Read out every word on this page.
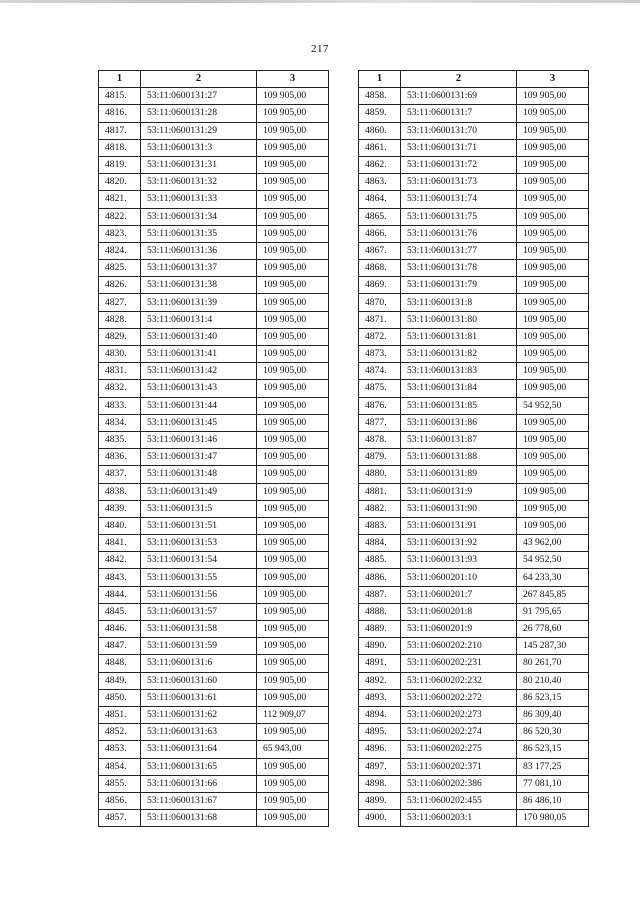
217
1	2	3
4815.	53:11:0600131:27	109 905,00
4816.	53:11:0600131:28	109 905,00
4817.	53:11:0600131:29	109 905,00
4818.	53:11:0600131:3	109 905,00
4819.	53:11:0600131:31	109 905,00
4820.	53:11:0600131:32	109 905,00
4821.	53:11:0600131:33	109 905,00
4822.	53:11:0600131:34	109 905,00
4823.	53:11:0600131:35	109 905,00
4824.	53:11:0600131:36	109 905,00
4825.	53:11:0600131:37	109 905,00
4826.	53:11:0600131:38	109 905,00
4827.	53:11:0600131:39	109 905,00
4828.	53:11:0600131:4	109 905,00
4829.	53:11:0600131:40	109 905,00
4830.	53:11:0600131:41	109 905,00
4831.	53:11:0600131:42	109 905,00
4832.	53:11:0600131:43	109 905,00
4833.	53:11:0600131:44	109 905,00
4834.	53:11:0600131:45	109 905,00
4835.	53:11:0600131:46	109 905,00
4836.	53:11:0600131:47	109 905,00
4837.	53:11:0600131:48	109 905,00
4838.	53:11:0600131:49	109 905,00
4839.	53:11:0600131:5	109 905,00
4840.	53:11:0600131:51	109 905,00
4841.	53:11:0600131:53	109 905,00
4842.	53:11:0600131:54	109 905,00
4843.	53:11:0600131:55	109 905,00
4844.	53:11:0600131:56	109 905,00
4845.	53:11:0600131:57	109 905,00
4846.	53:11:0600131:58	109 905,00
4847.	53:11:0600131:59	109 905,00
4848.	53:11:0600131:6	109 905,00
4849.	53:11:0600131:60	109 905,00
4850.	53:11:0600131:61	109 905,00
4851.	53:11:0600131:62	112 909,07
4852.	53:11:0600131:63	109 905,00
4853.	53:11:0600131:64	65 943,00
4854.	53:11:0600131:65	109 905,00
4855.	53:11:0600131:66	109 905,00
4856.	53:11:0600131:67	109 905,00
4857.	53:11:0600131:68	109 905,00
1	2	3
4858.	53:11:0600131:69	109 905,00
4859.	53:11:0600131:7	109 905,00
4860.	53:11:0600131:70	109 905,00
4861.	53:11:0600131:71	109 905,00
4862.	53:11:0600131:72	109 905,00
4863.	53:11:0600131:73	109 905,00
4864.	53:11:0600131:74	109 905,00
4865.	53:11:0600131:75	109 905,00
4866.	53:11:0600131:76	109 905,00
4867.	53:11:0600131:77	109 905,00
4868.	53:11:0600131:78	109 905,00
4869.	53:11:0600131:79	109 905,00
4870.	53:11:0600131:8	109 905,00
4871.	53:11:0600131:80	109 905,00
4872.	53:11:0600131:81	109 905,00
4873.	53:11:0600131:82	109 905,00
4874.	53:11:0600131:83	109 905,00
4875.	53:11:0600131:84	109 905,00
4876.	53:11:0600131:85	54 952,50
4877.	53:11:0600131:86	109 905,00
4878.	53:11:0600131:87	109 905,00
4879.	53:11:0600131:88	109 905,00
4880.	53:11:0600131:89	109 905,00
4881.	53:11:0600131:9	109 905,00
4882.	53:11:0600131:90	109 905,00
4883.	53:11:0600131:91	109 905,00
4884.	53:11:0600131:92	43 962,00
4885.	53:11:0600131:93	54 952,50
4886.	53:11:0600201:10	64 233,30
4887.	53:11:0600201:7	267 845,85
4888.	53:11:0600201:8	91 795,65
4889.	53:11:0600201:9	26 778,60
4890.	53:11:0600202:210	145 287,30
4891.	53:11:0600202:231	80 261,70
4892.	53:11:0600202:232	80 210,40
4893.	53:11:0600202:272	86 523,15
4894.	53:11:0600202:273	86 309,40
4895.	53:11:0600202:274	86 520,30
4896.	53:11:0600202:275	86 523,15
4897.	53:11:0600202:371	83 177,25
4898.	53:11:0600202:386	77 081,10
4899.	53:11:0600202:455	86 486,10
4900.	53:11:0600203:1	170 980,05
